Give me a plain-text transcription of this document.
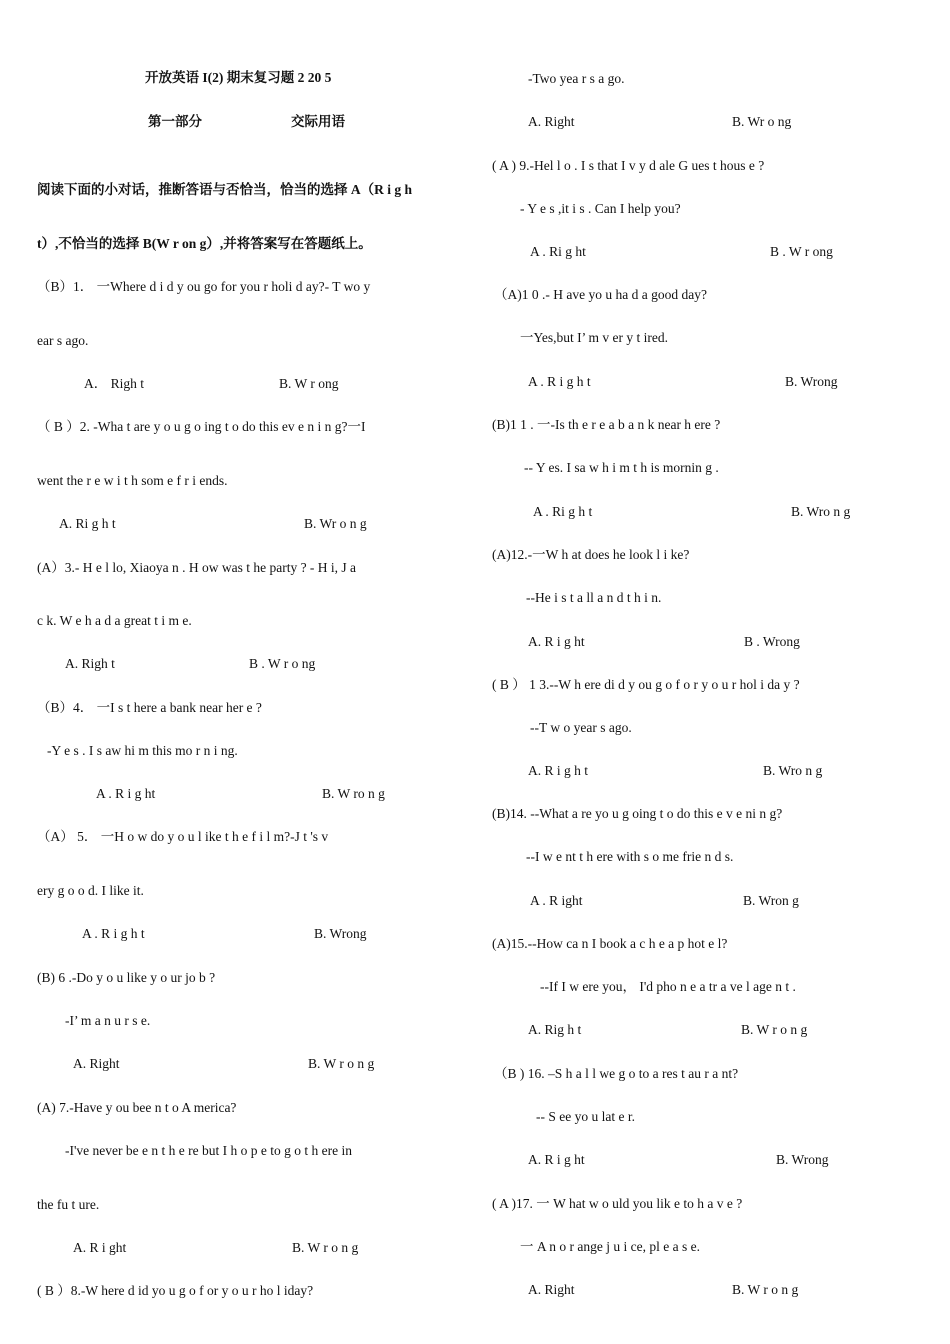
开放英语 I(2) 期末复习题 2 20 5
第一部分	交际用语
阅读下面的小对话，推断答语与否恰当，恰当的选择 A（R i g h
t）,不恰当的选择 B(W r on g）,并将答案写在答题纸上。
（B）1． 一Where d i d y ou go for you r holi d ay?- T wo y
ear s ago.
A． Righ t	B. W r ong
（ B ）2. -Wha t are y o u g o ing t o do this ev e n i n g?一I
went the r e w i t h som e f r i ends.
A. Ri g h t	B. Wr o n g
(A）3.- H e l lo, Xiaoya n . H ow was t he party ? - H i, J a
c k. W e h a d a great t i m e.
A. Righ t	B . W r o ng
（B）4． 一I s t here a bank near her e ?
-Y e s . I s aw hi m this mo r n i ng.
A . R i g ht	B. W ro n g
（A） 5． 一H o w do y o u l ike t h e f i l m?-J t 's v
ery g o o d. I like it.
A . R i g h t	B. Wrong
(B) 6 .-Do y o u like y o ur jo b ?
-I’ m a n u r s e.
A. Right	B. W r o n g
(A) 7.-Have y ou bee n t o A merica?
-I've never be e n t h e re but I h o p e to g o t h ere in
the fu t ure.
A. R i ght	B. W r o n g
( B ）8.-W here d id yo u g o f or y o u r ho l iday?
-Two yea r s a go.
A. Right	B. Wr o ng
( A ) 9.-Hel l o . I s that I v y d ale G ues t hous e ?
- Y e s ,it i s . Can I help you?
A . Ri g ht	B . W r ong
（A)1 0 .- H ave yo u ha d a good day?
一Yes,but I’ m v er y t ired.
A . R i g h t	B. Wrong
(B)1 1 . 一-Is th e r e a b a n k near h ere ?
-- Y es. I sa w h i m t h is mornin g .
A . Ri g h t	B. Wro n g
(A)12.-一W h at does he look l i ke?
--He i s t a ll a n d t h i n.
A. R i g ht	B . Wrong
( B ） 1 3.--W h ere di d y ou g o f o r y o u r hol i da y ?
--T w o year s ago.
A. R i g h t	B. Wro n g
(B)14. --What a re yo u g oing t o do this e v e ni n g?
--I w e nt t h ere with s o me frie n d s.
A . R ight	B. Wron g
(A)15.--How ca n I book a c h e a p hot e l?
--If I w ere you， I'd pho n e a tr a ve l age n t .
A. Rig h t	B. W r o n g
（B ) 16. –S h a l l we g o to a res t au r a nt?
-- S ee yo u lat e r.
A. R i g ht	B. Wrong
( A )17. 一 W hat w o uld you lik e to h a v e ?
一 A n o r ange j u i ce, pl e a s e.
A. Right	B. W r o n g
